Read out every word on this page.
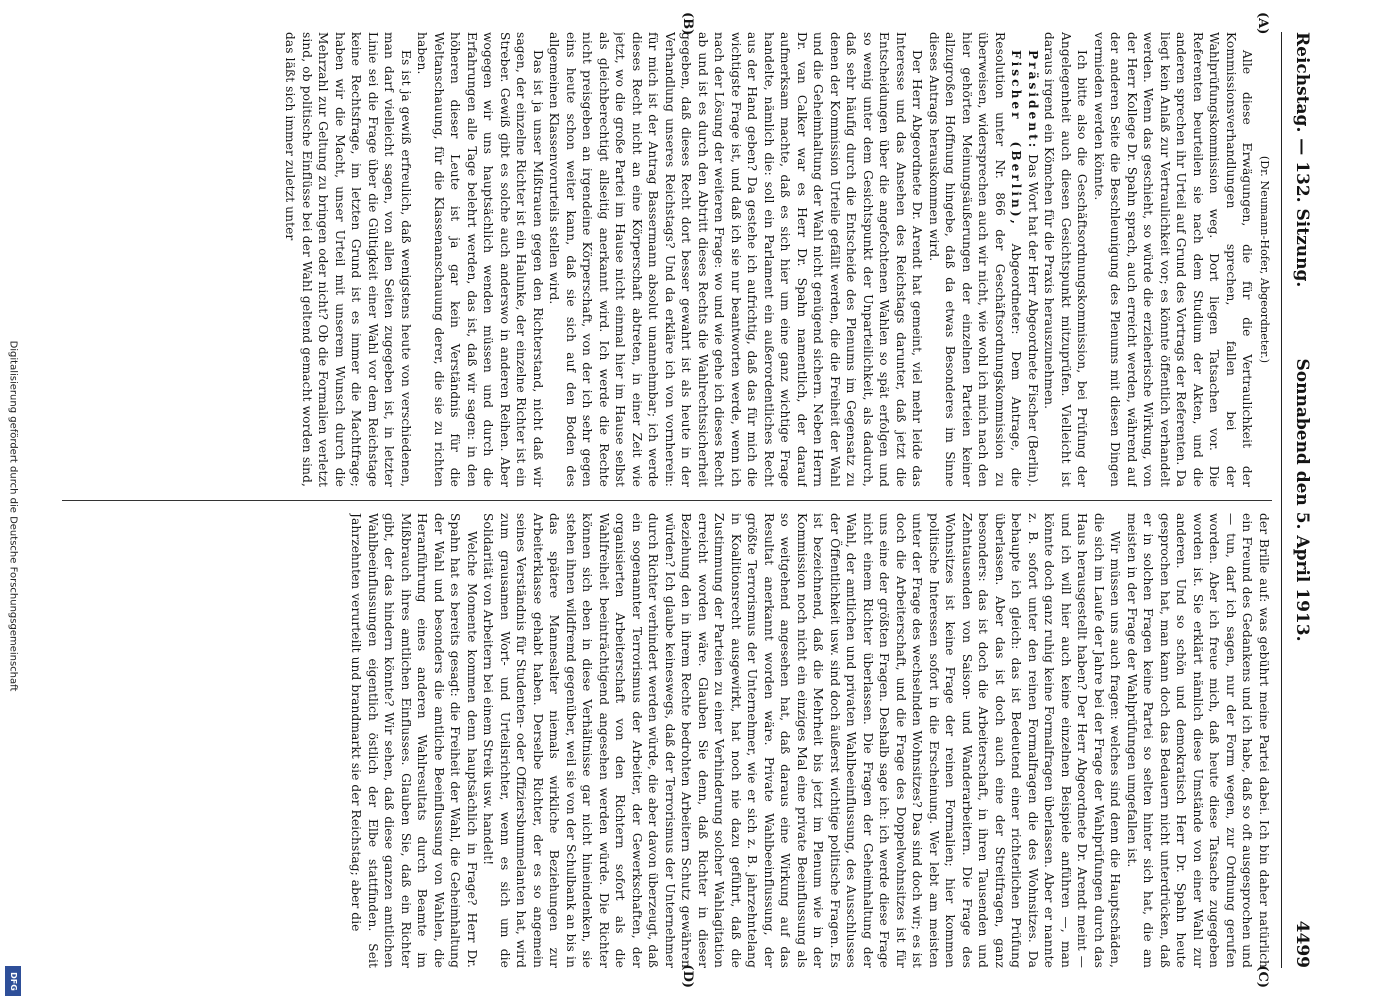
Digitalisierung gefördert durch die Deutsche Forschungsgemeinschaft
DFG
Reichstag. — 132. Sitzung.
Sonnabend den 5. April 1913.
4499
(A)
(B)
(C)
(D)

(Dr. Neumann-Hofer, Abgeordneter.)

Alle diese Erwägungen, die für die Vertraulichkeit der Kommissionsverhandlungen sprechen, fallen bei der Wahlprüfungskommission weg. Dort liegen Tatsachen vor. Die Referenten beurteilen sie nach dem Studium der Akten, und die anderen sprechen ihr Urteil auf Grund des Vortrags der Referenten. Da liegt kein Anlaß zur Vertraulichkeit vor; es könnte öffentlich verhandelt werden. Wenn das geschieht, so würde die erzieherische Wirkung, von der Herr Kollege Dr. Spahn sprach, auch erreicht werden, während auf der anderen Seite die Beschleunigung des Plenums mit diesen Dingen vermieden werden könnte.

Ich bitte also die Geschäftsordnungskommission, bei Prüfung der Angelegenheit auch diesen Gesichtspunkt mitzuprüfen. Vielleicht ist daraus irgend ein Kömchen für die Praxis herauszunehmen.

Präsident: Das Wort hat der Herr Abgeordnete Fischer (Berlin).

Fischer (Berlin), Abgeordneter: Dem Antrage, die Resolution unter Nr. 866 der Geschäftsordnungskommission zu überweisen, widersprechen auch wir nicht, wie wohl ich mich nach den hier gehörten Meinungsäußerungen der einzelnen Parteien keiner allzugroßen Hoffnung hingebe, daß da etwas Besonderes im Sinne dieses Antrags herauskommen wird.

Der Herr Abgeordnete Dr. Arendt hat gemeint, viel mehr leide das Interesse und das Ansehen des Reichstags darunter, daß jetzt die Entscheidungen über die angefochtenen Wahlen so spät erfolgen und so wenig unter dem Gesichtspunkt der Unparteilichkeit, als dadurch, daß sehr häufig durch die Entscheide des Plenums im Gegensatz zu denen der Kommission Urteile gefällt werden, die die Freiheit der Wahl und die Geheimhaltung der Wahl nicht genügend sichern. Neben Herrn Dr. van Calker war es Herr Dr. Spahn namentlich, der darauf aufmerksam machte, daß es sich hier um eine ganz wichtige Frage handelte, nämlich die: soll ein Parlament ein außerordentliches Recht aus der Hand geben? Da gestehe ich aufrichtig, daß das für mich die wichtigste Frage ist, und daß ich sie nur beantworten werde, wenn ich nach der Lösung der weiteren Frage: wo und wie gehe ich dieses Recht ab und ist es durch den Abtritt dieses Rechts die Wahlrechtssicherheit gegeben, daß dieses Recht dort besser gewahrt ist als heute in der Verhandlung unseres Reichstags? Und da erkläre ich von vornherein: für mich ist der Antrag Bassermann absolut unannehmbar; ich werde dieses Recht nicht an eine Körperschaft abtreten, in einer Zeit wie jetzt, wo die große Partei im Hause nicht einmal hier im Hause selbst als gleichberechtigt allseitig anerkannt wird. Ich werde die Rechte nicht preisgeben an irgendeine Körperschaft, von der ich sehr gegen eins heute schon weiter kann, daß sie sich auf den Boden des allgemeinen Klassenvorurteils stellen wird.

Das ist ja unser Mißtrauen gegen den Richterstand, nicht daß wir sagen, der einzelne Richter ist ein Halunke, der einzelne Richter ist ein Streber. Gewiß gibt es solche auch anderswo in anderen Reihen. Aber wogegen wir uns hauptsächlich wenden müssen und durch die Erfahrungen alle Tage belehrt werden, das ist, daß wir sagen: in den höheren dieser Leute ist ja gar kein Verständnis für die Weltanschauung, für die Klassenanschauung derer, die sie zu richten haben.

Es ist ja gewiß erfreulich, daß wenigstens heute von verschiedenen, man darf vielleicht sagen, von allen Seiten zugegeben ist, in letzter Linie sei die Frage über die Gültigkeit einer Wahl vor dem Reichstage keine Rechtsfrage, im letzten Grund ist es immer die Machtfrage; haben wir die Macht, unser Urteil mit unserem Wunsch durch die Mehrzahl zur Geltung zu bringen oder nicht? Ob die Formalien verletzt sind, ob politische Einflüsse bei der Wahl geltend gemacht worden sind, das läßt sich immer zuletzt unter

der Brille auf: was gebührt meine Partei dabei. Ich bin daher natürlich ein Freund des Gedankens und ich habe, daß so oft ausgesprochen und — tun, darf ich sagen, nur der Form wegen, zur Ordnung gerufen worden. Aber ich freue mich, daß heute diese Tatsache zugegeben worden ist. Sie erklärt nämlich diese Umstände von einer Wahl zur anderen. Und so schön und demokratisch Herr Dr. Spahn heute gesprochen hat, man kann doch das Bedauern nicht unterdrücken, daß er in solchen Fragen keine Partei so selten hinter sich hat, die am meisten in der Frage der Wahlprüfungen umgefallen ist.

Wir müssen uns auch fragen: welches sind denn die Hauptschäden, die sich im Laufe der Jahre bei der Frage der Wahlprüfungen durch das Haus herausgestellt haben? Der Herr Abgeordnete Dr. Arendt meint — und ich will hier auch keine einzelnen Beispiele anführen —, man könnte doch ganz ruhig keine Formalfragen überlassen. Aber er nannte z. B. sofort unter den reinen Formalfragen die des Wohnsitzes. Da behaupte ich gleich: das ist Bedeutend einer richterlichen Prüfung überlassen. Aber das ist doch auch eine der Streitfragen, ganz besonders: das ist doch die Arbeiterschaft, in ihren Tausenden und Zehntausenden von Saison- und Wanderarbeitern. Die Frage des Wohnsitzes ist keine Frage der reinen Formalien; hier kommen politische Interessen sofort in die Erscheinung. Wer lebt am meisten unter der Frage des wechselnden Wohnsitzes? Das sind doch wir; es ist doch die Arbeiterschaft, und die Frage des Doppelwohnsitzes ist für uns eine der größten Fragen. Deshalb sage ich: ich werde diese Frage nicht einem Richter überlassen. Die Fragen der Geheimhaltung der Wahl, der amtlichen und privaten Wahlbeeinflussung, des Ausschlusses der Öffentlichkeit usw. sind doch äußerst wichtige politische Fragen. Es ist bezeichnend, daß die Mehrheit bis jetzt im Plenum wie in der Kommission noch nicht ein einziges Mal eine private Beeinflussung als so weitgehend angesehen hat, daß daraus eine Wirkung auf das Resultat anerkannt worden wäre. Private Wahlbeeinflussung, der größte Terrorismus der Unternehmer, wie er sich z. B. jahrzehntelang in Koalitionsrecht ausgewirkt, hat noch nie dazu geführt, daß die Zustimmung der Parteien zu einer Verhinderung solcher Wahlagitation erreicht worden wäre. Glauben Sie denn, daß Richter in dieser Beziehung den in ihrem Rechte bedrohten Arbeitern Schutz gewähren würden? Ich glaube keineswegs, daß der Terrorismus der Unternehmer durch Richter verhindert werden würde, die aber davon überzeugt, daß ein sogenannter Terrorismus der Arbeiter, der Gewerkschaften, der organisierten Arbeiterschaft von den Richtern sofort als die Wahlfreiheit beeinträchtigend angesehen werden würde. Die Richter können sich eben in diese Verhältnisse gar nicht hineindenken, sie stehen ihnen wildfremd gegenüber, weil sie von der Schulbank an bis in das spätere Mannesalter niemals wirkliche Beziehungen zur Arbeiterklasse gehabt haben. Derselbe Richter, der es so angemein seines Verständnis für Studenten- oder Offiziersbummelanten hat, wird zum grausamen Wort- und Urteilsrichter, wenn es sich um die Solidarität von Arbeitern bei einem Streik usw. handelt!

Welche Momente kommen denn hauptsächlich in Frage? Herr Dr. Spahn hat es bereits gesagt: die Freiheit der Wahl, die Geheimhaltung der Wahl und besonders die amtliche Beeinflussung von Wahlen, die Heranführung eines anderen Wahlresultats durch Beamte im Mißbrauch ihres amtlichen Einflusses. Glauben Sie, daß ein Richter gibt, der das hindern könnte? Wir sehen, daß diese ganzen amtlichen Wahlbeeinflussungen eigentlich östlich der Elbe stattfinden. Seit Jahrzehnten verurteilt und brandmarkt sie der Reichstag; aber die
